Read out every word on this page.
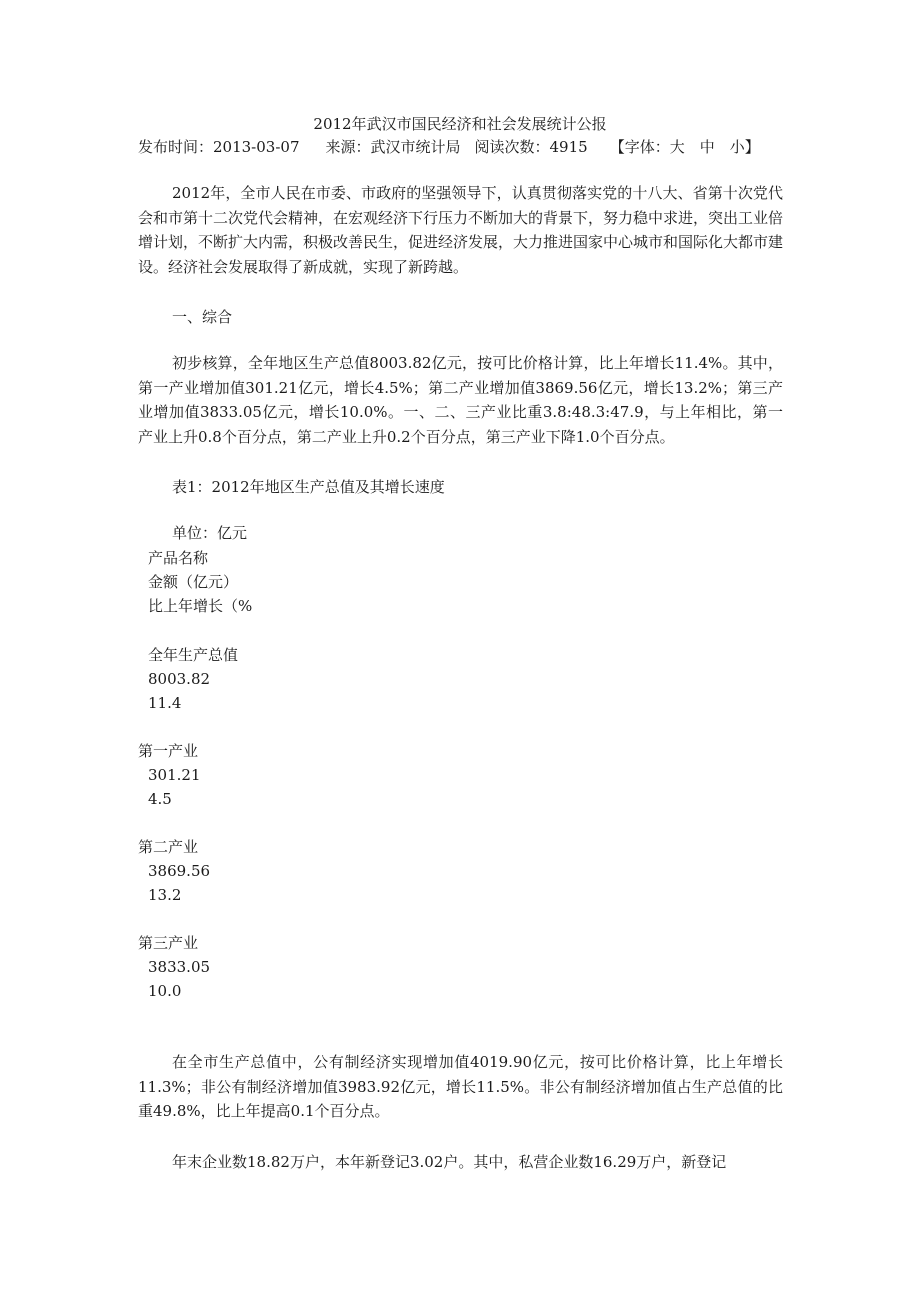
2012年武汉市国民经济和社会发展统计公报
发布时间：2013-03-07 来源：武汉市统计局 阅读次数：4915 【字体：大　中　小】
2012年，全市人民在市委、市政府的坚强领导下，认真贯彻落实党的十八大、省第十次党代会和市第十二次党代会精神，在宏观经济下行压力不断加大的背景下，努力稳中求进，突出工业倍增计划，不断扩大内需，积极改善民生，促进经济发展，大力推进国家中心城市和国际化大都市建设。经济社会发展取得了新成就，实现了新跨越。
一、综合
初步核算，全年地区生产总值8003.82亿元，按可比价格计算，比上年增长11.4%。其中，第一产业增加值301.21亿元，增长4.5%；第二产业增加值3869.56亿元，增长13.2%；第三产业增加值3833.05亿元，增长10.0%。一、二、三产业比重3.8:48.3:47.9，与上年相比，第一产业上升0.8个百分点，第二产业上升0.2个百分点，第三产业下降1.0个百分点。
表1：2012年地区生产总值及其增长速度
单位：亿元
产品名称
金额（亿元）
比上年增长（%
全年生产总值
8003.82
11.4
第一产业
301.21
4.5
第二产业
3869.56
13.2
第三产业
3833.05
10.0
在全市生产总值中，公有制经济实现增加值4019.90亿元，按可比价格计算，比上年增长11.3%；非公有制经济增加值3983.92亿元，增长11.5%。非公有制经济增加值占生产总值的比重49.8%，比上年提高0.1个百分点。
年末企业数18.82万户，本年新登记3.02户。其中，私营企业数16.29万户，新登记
